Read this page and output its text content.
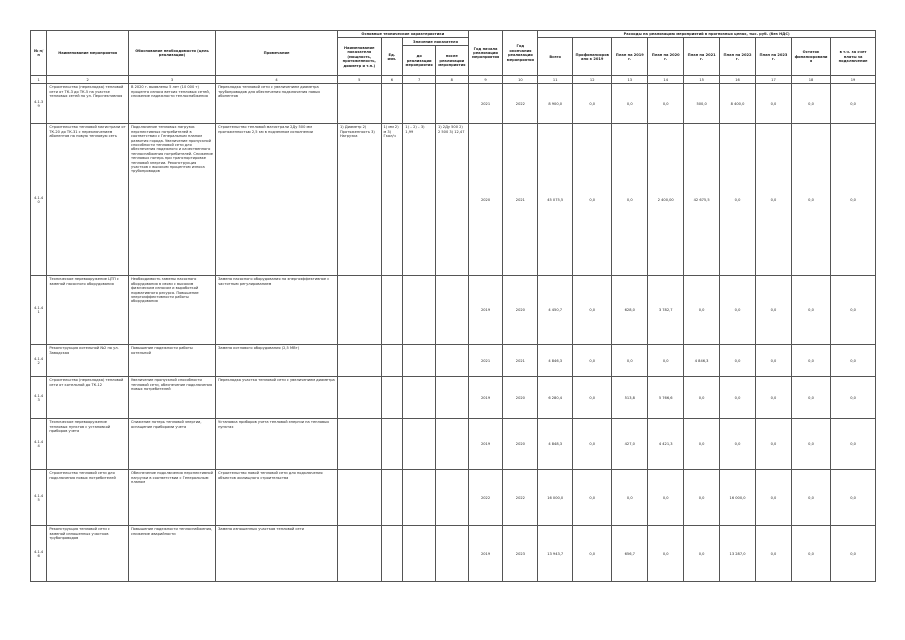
№ п/п	Наименование мероприятия	Обоснование необходимости (цель реализации)	Примечание	Основные технические характеристики				Год начала реализации мероприятия	Год окончания реализации мероприятия	Расходы на реализацию мероприятий в прогнозных ценах, тыс. руб. (без НДС)								
				Наименование показателя (мощность, протяженность, диаметр и т.п.)	Ед. изм.	Значение показателя				Всего	Профинансировано к 2019	План на 2019 г.	План на 2020 г.	План на 2021 г.	План на 2022 г.	План на 2023 г.	Остаток финансирования	в т.ч. за счет платы за подключение
						до реализации мероприятия	после реализации мероприятия											
1	2	3	4	5	6	7	8	9	10	11	12	13	14	15	16	17	18	19
4.1.39	Строительство (перекладка) тепловой сети от ТК-3 до ТК-5 на участке тепловых сетей по ул. Перспективная	В 2020 г. выявлены 5 лет (10 000 т) процента износа ветхих тепловых сетей, снижение надежности теплоснабжения	Перекладка тепловой сети с увеличением диаметра трубопроводов для обеспечения подключения новых абонентов					2021	2022	8 900,0	0,0	0,0	0,0	500,0	8 400,0	0,0	0,0	0,0
4.1.40	Строительство тепловой магистрали от ТК-20 до ТК-31 с переключением абонентов на новую тепловую сеть	Подключение тепловых нагрузок перспективных потребителей в соответствии с Генеральным планом развития города. Увеличение пропускной способности тепловой сети для обеспечения надежного и качественного теплоснабжения потребителей. Снижение тепловых потерь при транспортировке тепловой энергии. Реконструкция участков с высоким процентом износа трубопроводов	Строительство тепловой магистрали 2Ду 500 мм протяженностью 2,5 км в подземном исполнении	1) Диаметр 2) Протяженность 3) Нагрузка	1) мм 2) м 3) Гкал/ч	1) – 2) – 3) 1,99	1) 2Ду 500 2) 2 500 3) 12,47	2020	2021	45 075,5	0,0	0,0	2 400,00	42 675,5	0,0	0,0	0,0	0,0
4.1.41	Техническое перевооружение ЦТП с заменой насосного оборудования	Необходимость замены насосного оборудования в связи с высоким физическим износом и выработкой нормативного ресурса. Повышение энергоэффективности работы оборудования	Замена насосного оборудования на энергоэффективное с частотным регулированием					2019	2020	4 450,7	0,0	628,0	3 782,7	0,0	0,0	0,0	0,0	0,0
4.1.42	Реконструкция котельной №2 по ул. Заводская	Повышение надежности работы котельной	Замена котлового оборудования (2,5 МВт)					2021	2021	4 846,3	0,0	0,0	0,0	4 846,3	0,0	0,0	0,0	0,0
4.1.43	Строительство (перекладка) тепловой сети от котельной до ТК-12	Увеличение пропускной способности тепловой сети, обеспечение подключения новых потребителей	Перекладка участка тепловой сети с увеличением диаметра					2019	2020	6 280,4	0,0	513,8	5 766,6	0,0	0,0	0,0	0,0	0,0
4.1.44	Техническое перевооружение тепловых пунктов с установкой приборов учета	Снижение потерь тепловой энергии, оснащение приборами учета	Установка приборов учета тепловой энергии на тепловых пунктах					2019	2020	4 848,3	0,0	427,0	4 421,3	0,0	0,0	0,0	0,0	0,0
4.1.45	Строительство тепловой сети для подключения новых потребителей	Обеспечение подключения перспективной нагрузки в соответствии с Генеральным планом	Строительство новой тепловой сети для подключения объектов жилищного строительства					2022	2022	16 000,0	0,0	0,0	0,0	0,0	16 000,0	0,0	0,0	0,0
4.1.46	Реконструкция тепловой сети с заменой изношенных участков трубопроводов	Повышение надежности теплоснабжения, снижение аварийности	Замена изношенных участков тепловой сети					2019	2023	13 943,7	0,0	656,7	0,0	0,0	13 287,0	0,0	0,0	0,0
